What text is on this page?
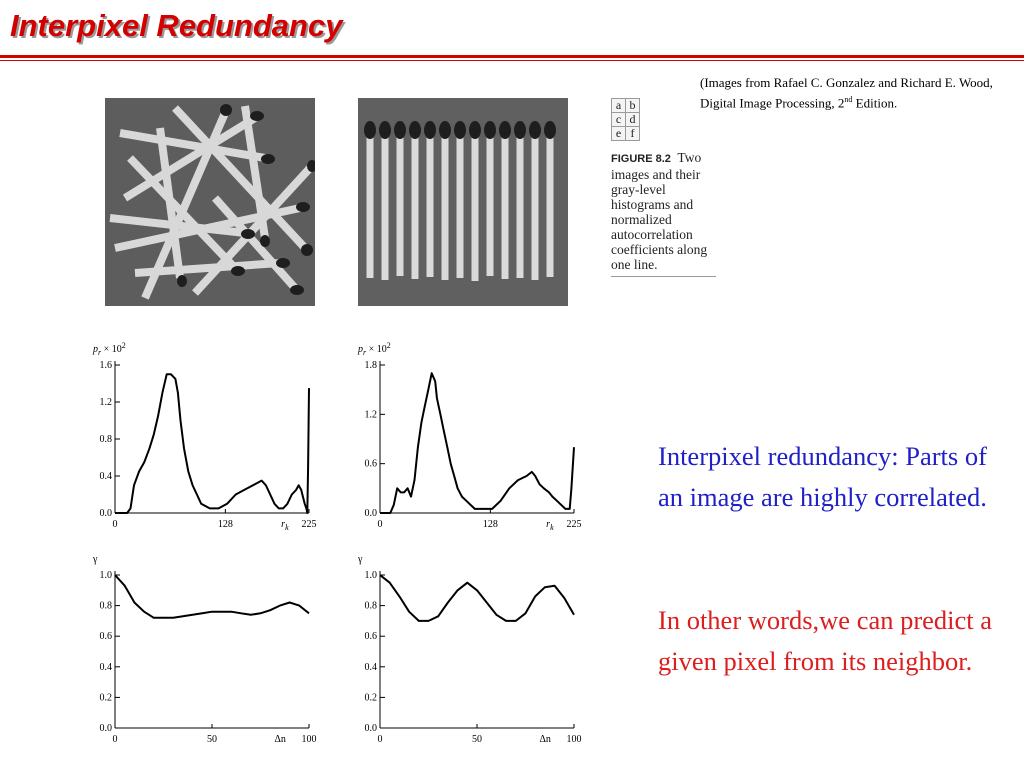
Interpixel Redundancy
(Images from Rafael C. Gonzalez and Richard E. Wood, Digital Image Processing, 2nd Edition.
a	b
c	d
e	f
FIGURE 8.2 Two images and their gray-level histograms and normalized autocorrelation coefficients along one line.
0.0
0.4
0.8
1.2
1.6
0	128	225
$p_r \times 10^2$
$r_k$
0.0
0.6
1.2
1.8
0	128	225
$p_r \times 10^2$
$r_k$
0.0
0.2
0.4
0.6
0.8
1.0
0	50	100
γ
Δn
0.0
0.2
0.4
0.6
0.8
1.0
0	50	100
γ
Δn
Interpixel redundancy: Parts of an image are highly correlated.
In other words,we can predict a given pixel from its neighbor.
